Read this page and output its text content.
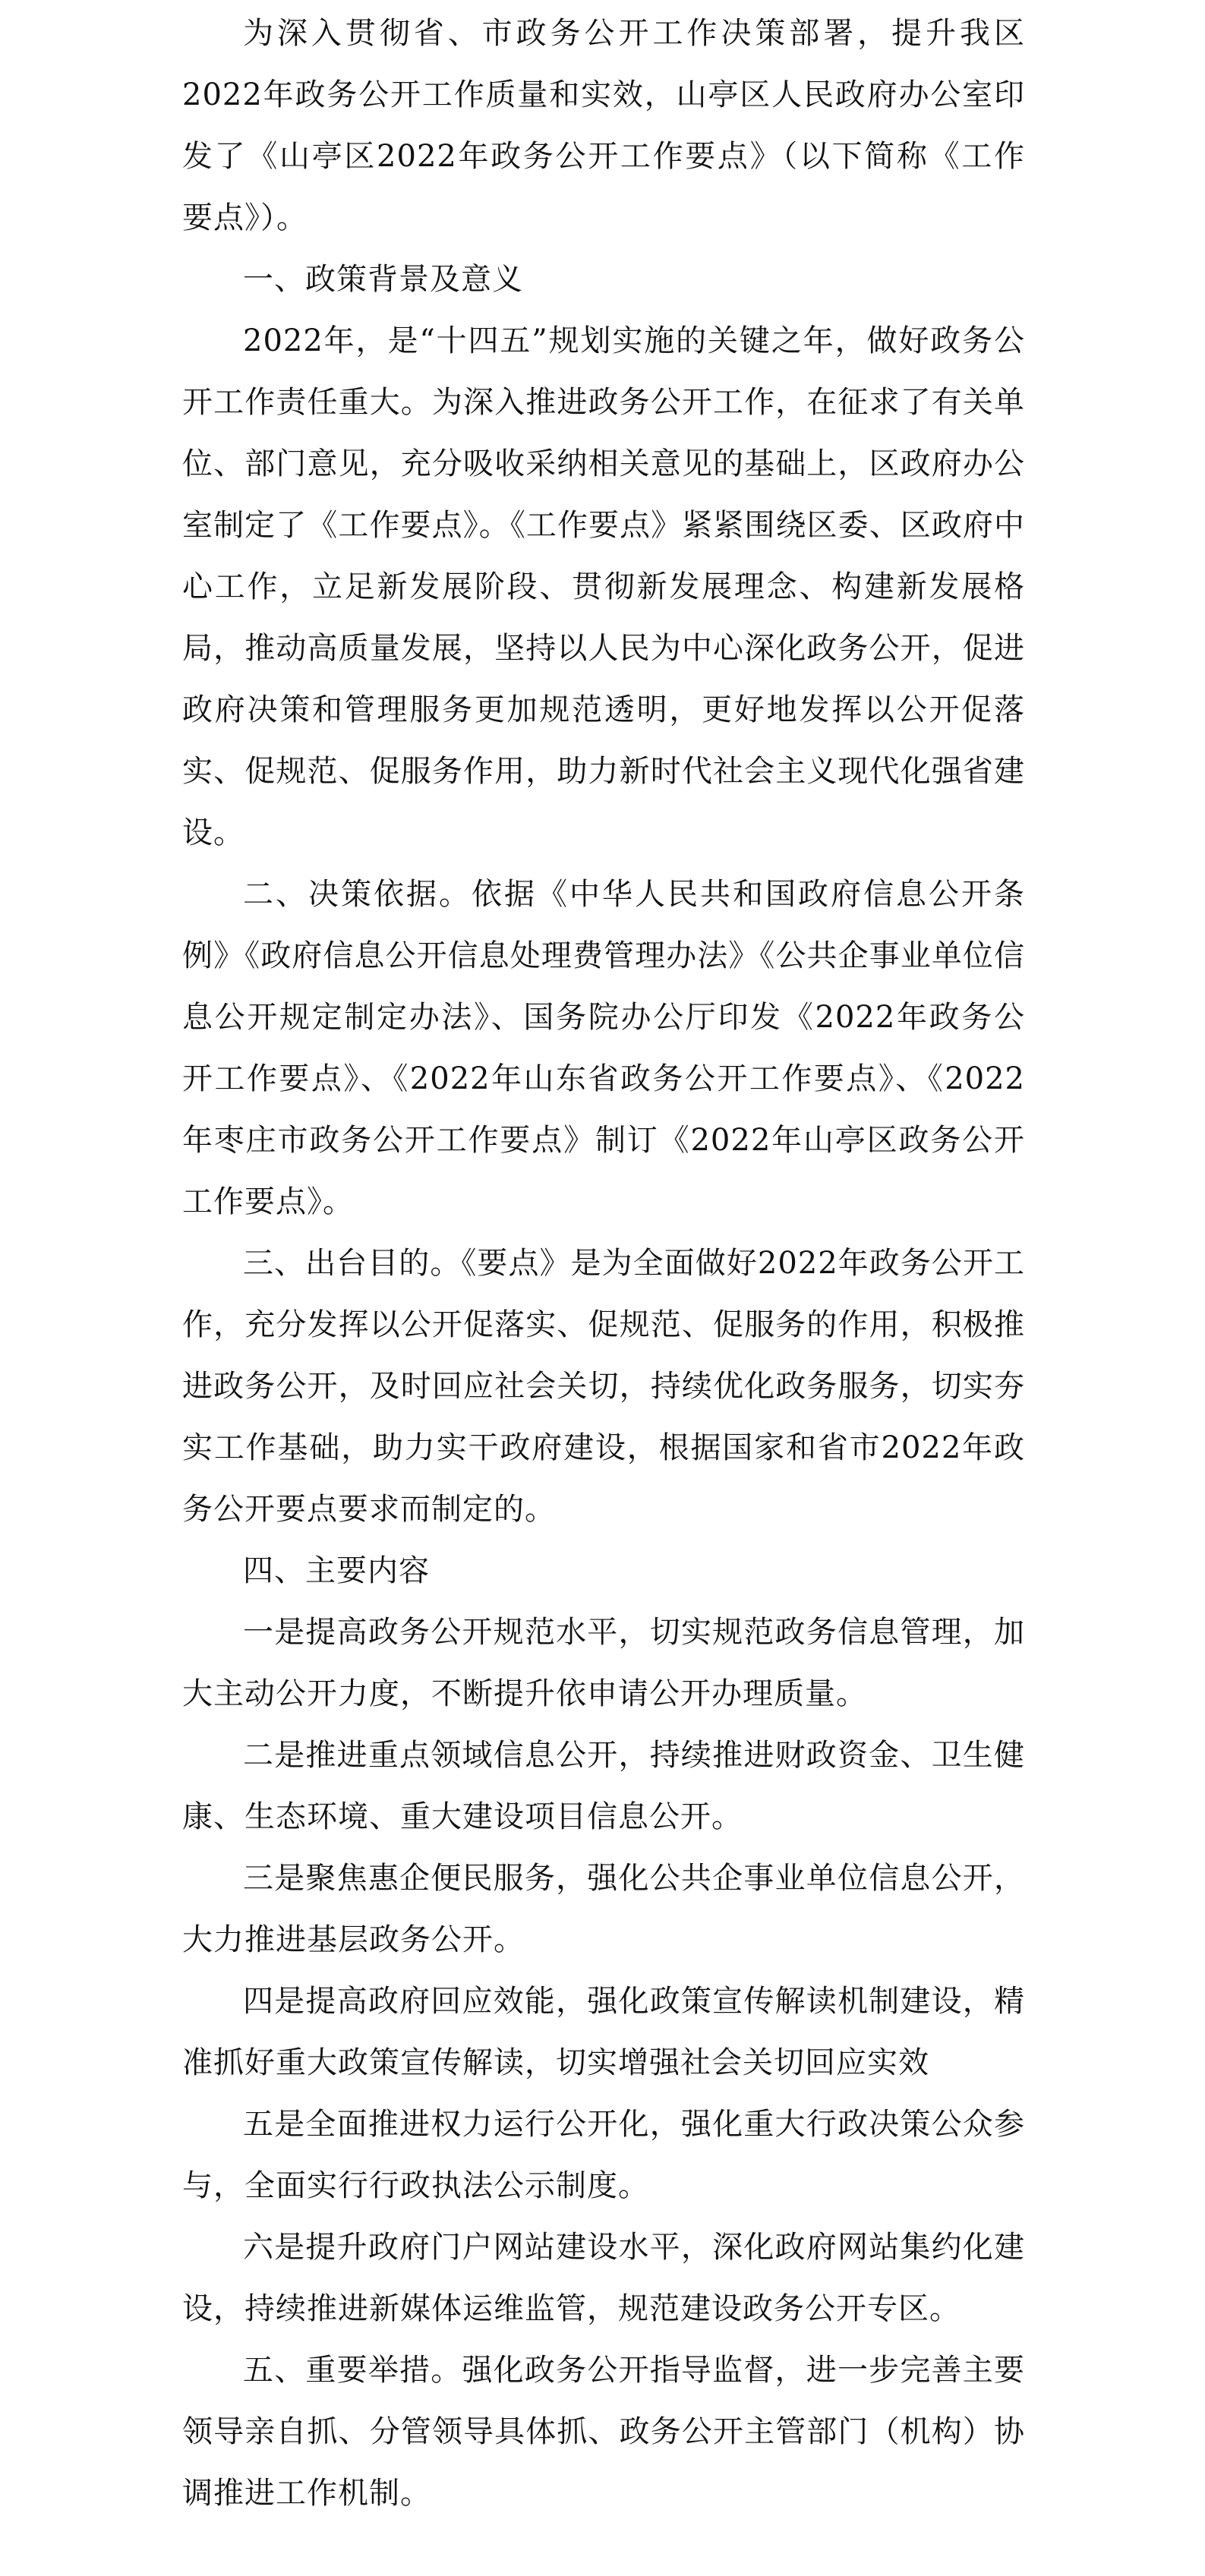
为深入贯彻省、市政务公开工作决策部署，提升我区2022年政务公开工作质量和实效，山亭区人民政府办公室印发了《山亭区2022年政务公开工作要点》（以下简称《工作要点》）。

一、政策背景及意义

2022年，是“十四五”规划实施的关键之年，做好政务公开工作责任重大。为深入推进政务公开工作，在征求了有关单位、部门意见，充分吸收采纳相关意见的基础上，区政府办公室制定了《工作要点》。《工作要点》紧紧围绕区委、区政府中心工作，立足新发展阶段、贯彻新发展理念、构建新发展格局，推动高质量发展，坚持以人民为中心深化政务公开，促进政府决策和管理服务更加规范透明，更好地发挥以公开促落实、促规范、促服务作用，助力新时代社会主义现代化强省建设。

二、决策依据。依据《中华人民共和国政府信息公开条例》《政府信息公开信息处理费管理办法》《公共企事业单位信息公开规定制定办法》、国务院办公厅印发《2022年政务公开工作要点》、《2022年山东省政务公开工作要点》、《2022年枣庄市政务公开工作要点》制订《2022年山亭区政务公开工作要点》。

三、出台目的。《要点》是为全面做好2022年政务公开工作，充分发挥以公开促落实、促规范、促服务的作用，积极推进政务公开，及时回应社会关切，持续优化政务服务，切实夯实工作基础，助力实干政府建设，根据国家和省市2022年政务公开要点要求而制定的。

四、主要内容

一是提高政务公开规范水平，切实规范政务信息管理，加大主动公开力度，不断提升依申请公开办理质量。

二是推进重点领域信息公开，持续推进财政资金、卫生健康、生态环境、重大建设项目信息公开。

三是聚焦惠企便民服务，强化公共企事业单位信息公开，大力推进基层政务公开。

四是提高政府回应效能，强化政策宣传解读机制建设，精准抓好重大政策宣传解读，切实增强社会关切回应实效

五是全面推进权力运行公开化，强化重大行政决策公众参与，全面实行行政执法公示制度。

六是提升政府门户网站建设水平，深化政府网站集约化建设，持续推进新媒体运维监管，规范建设政务公开专区。

五、重要举措。强化政务公开指导监督，进一步完善主要领导亲自抓、分管领导具体抓、政务公开主管部门（机构）协调推进工作机制。
